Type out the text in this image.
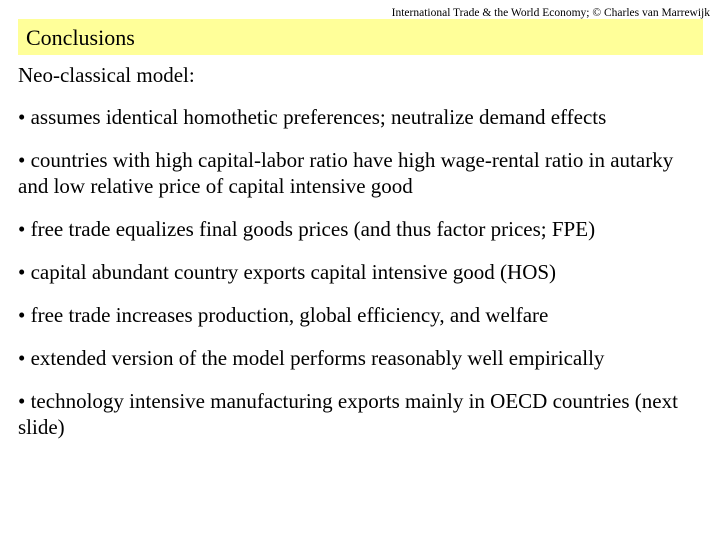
International Trade & the World Economy; © Charles van Marrewijk
Conclusions
Neo-classical model:
• assumes identical homothetic preferences; neutralize demand effects
• countries with high capital-labor ratio have high wage-rental ratio in autarky and low relative price of capital intensive good
• free trade equalizes final goods prices (and thus factor prices; FPE)
• capital abundant country exports capital intensive good (HOS)
• free trade increases production, global efficiency, and welfare
• extended version of the model performs reasonably well empirically
• technology intensive manufacturing exports mainly in OECD countries (next slide)
